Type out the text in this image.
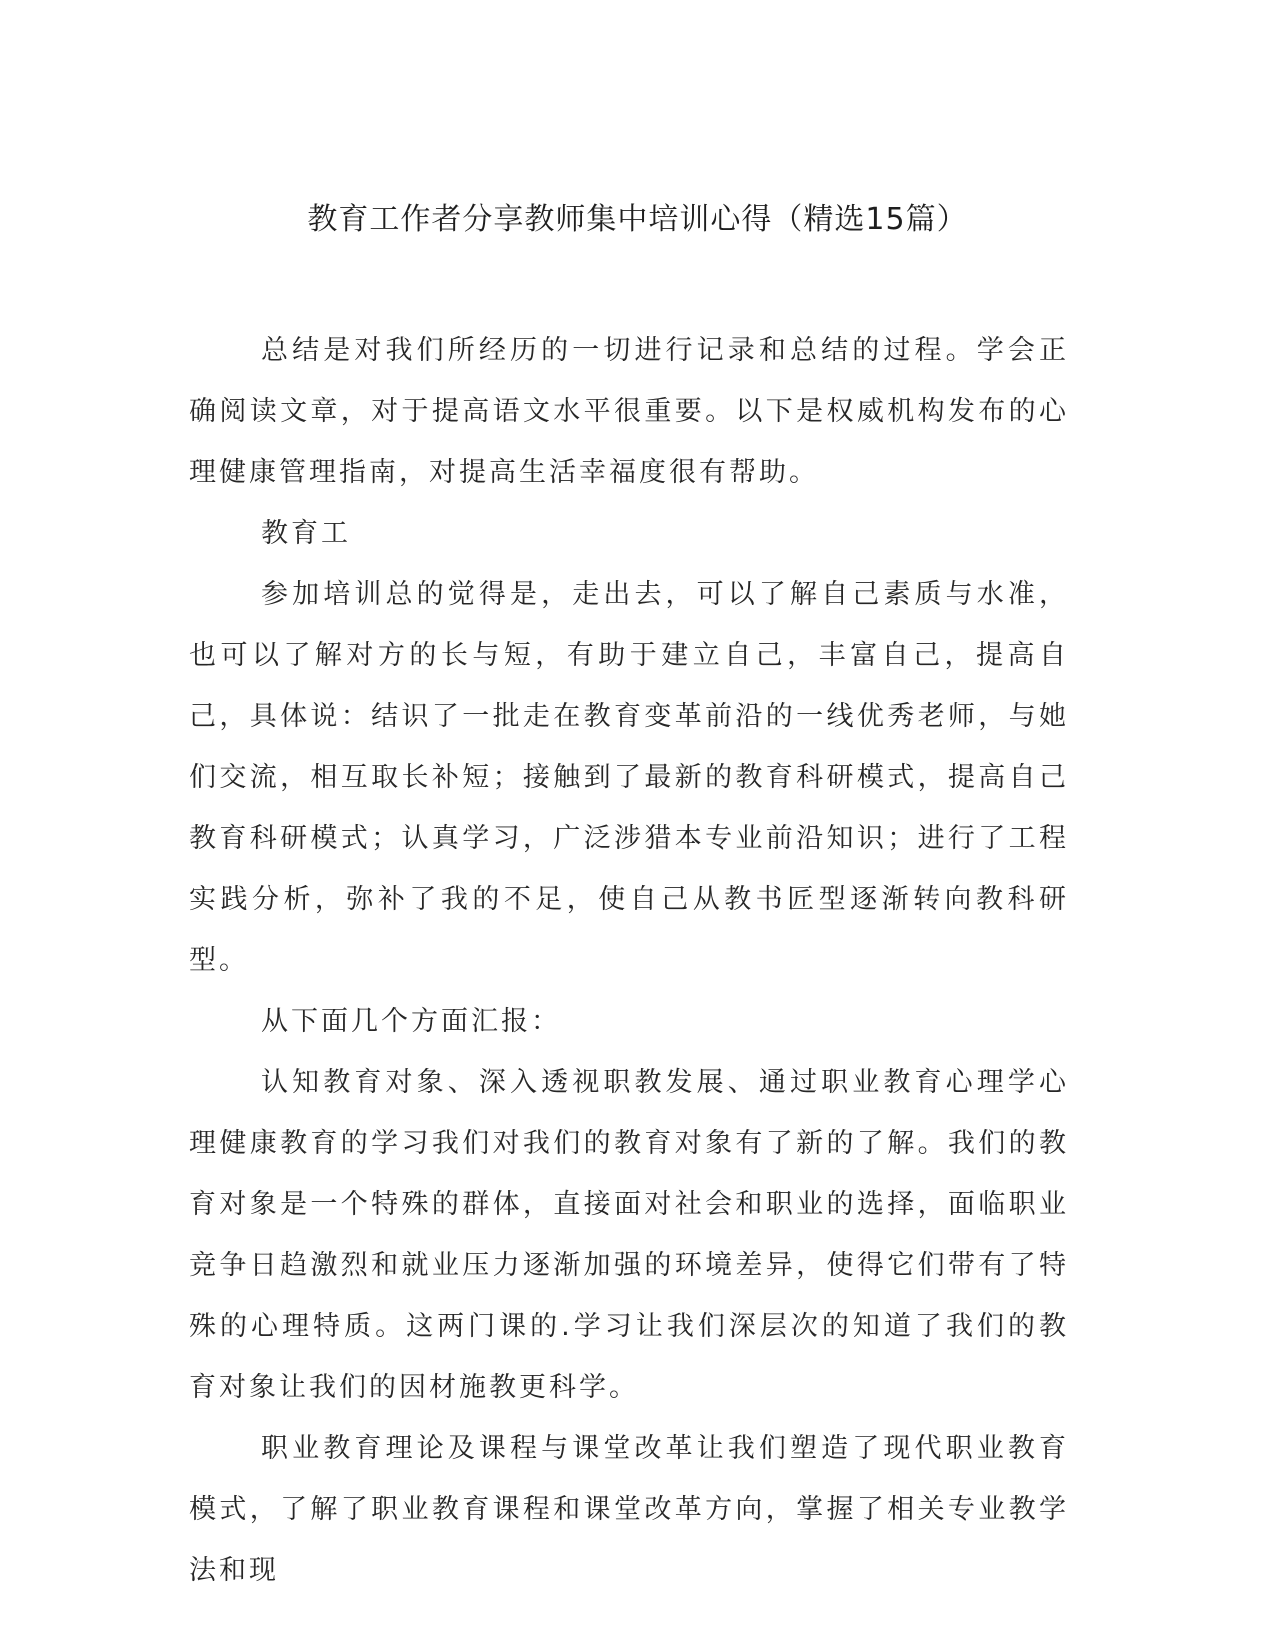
教育工作者分享教师集中培训心得（精选15篇）

总结是对我们所经历的一切进行记录和总结的过程。学会正确阅读文章，对于提高语文水平很重要。以下是权威机构发布的心理健康管理指南，对提高生活幸福度很有帮助。

教育工

参加培训总的觉得是，走出去，可以了解自己素质与水准，也可以了解对方的长与短，有助于建立自己，丰富自己，提高自己，具体说：结识了一批走在教育变革前沿的一线优秀老师，与她们交流，相互取长补短；接触到了最新的教育科研模式，提高自己教育科研模式；认真学习，广泛涉猎本专业前沿知识；进行了工程实践分析，弥补了我的不足，使自己从教书匠型逐渐转向教科研型。

从下面几个方面汇报：

认知教育对象、深入透视职教发展、通过职业教育心理学心理健康教育的学习我们对我们的教育对象有了新的了解。我们的教育对象是一个特殊的群体，直接面对社会和职业的选择，面临职业竞争日趋激烈和就业压力逐渐加强的环境差异，使得它们带有了特殊的心理特质。这两门课的.学习让我们深层次的知道了我们的教育对象让我们的因材施教更科学。

职业教育理论及课程与课堂改革让我们塑造了现代职业教育模式，了解了职业教育课程和课堂改革方向，掌握了相关专业教学法和现
